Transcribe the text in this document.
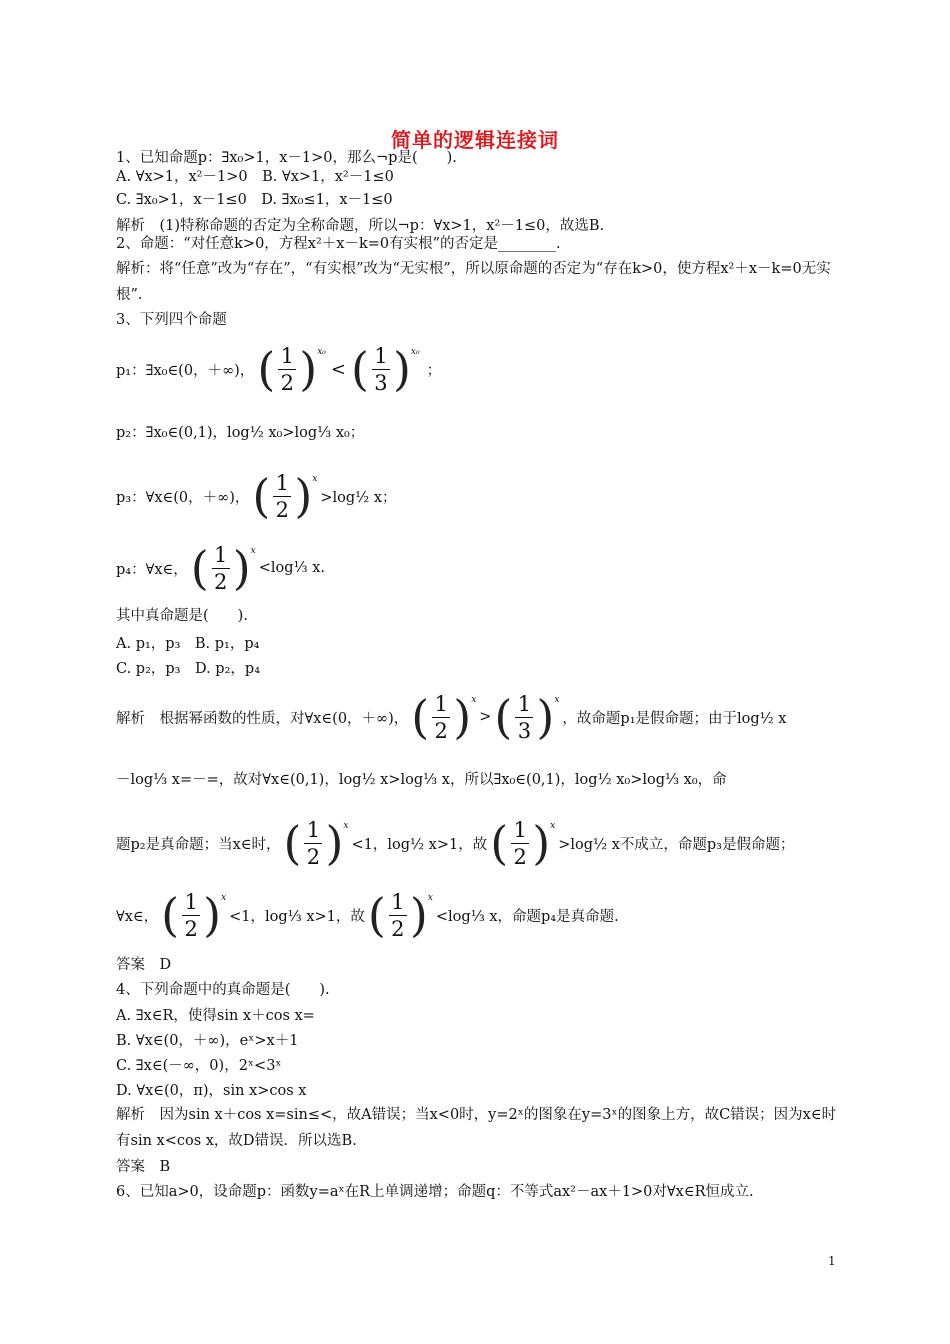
简单的逻辑连接词
1、已知命题p：∃x₀>1，x－1>0，那么¬p是(　　).
A. ∀x>1，x²－1>0　B. ∀x>1，x²－1≤0
C. ∃x₀>1，x－1≤0　D. ∃x₀≤1，x－1≤0
解析　(1)特称命题的否定为全称命题，所以¬p：∀x>1，x²－1≤0，故选B.
2、命题：“对任意k>0，方程x²＋x－k=0有实根”的否定是________.
解析：将“任意”改为“存在”，“有实根”改为“无实根”，所以原命题的否定为“存在k>0，使方程x²＋x－k=0无实根”.
3、下列四个命题
p₁：∃x₀∈(0，＋∞)， ( 1
2 ) x₀
< ( 1
3 ) x₀
；
p₂：∃x₀∈(0,1)，log½ x₀>log⅓ x₀；
p₃：∀x∈(0，＋∞)， ( 1
2 ) x
>log½ x；
p₄：∀x∈， ( 1
2 ) x
<log⅓ x.
其中真命题是(　　).
A. p₁，p₃　B. p₁，p₄
C. p₂，p₃　D. p₂，p₄
解析　根据幂函数的性质，对∀x∈(0，＋∞)， ( 1
2 ) x
> ( 1
3 ) x
，故命题p₁是假命题；由于log½ x
－log⅓ x=－=，故对∀x∈(0,1)，log½ x>log⅓ x，所以∃x₀∈(0,1)，log½ x₀>log⅓ x₀，命
题p₂是真命题；当x∈时， ( 1
2 ) x
<1，log½ x>1，故 ( 1
2 ) x
>log½ x不成立，命题p₃是假命题；
∀x∈， ( 1
2 ) x
<1，log⅓ x>1，故 ( 1
2 ) x
<log⅓ x，命题p₄是真命题.
答案　D
4、下列命题中的真命题是(　　).
A. ∃x∈R，使得sin x＋cos x=
B. ∀x∈(0，＋∞)，eˣ>x＋1
C. ∃x∈(－∞，0)，2ˣ<3ˣ
D. ∀x∈(0，π)，sin x>cos x
解析　因为sin x＋cos x=sin≤<，故A错误；当x<0时，y=2ˣ的图象在y=3ˣ的图象上方，故C错误；因为x∈时有sin x<cos x，故D错误．所以选B.
答案　B
6、已知a>0，设命题p：函数y=aˣ在R上单调递增；命题q：不等式ax²－ax＋1>0对∀x∈R恒成立.
1
